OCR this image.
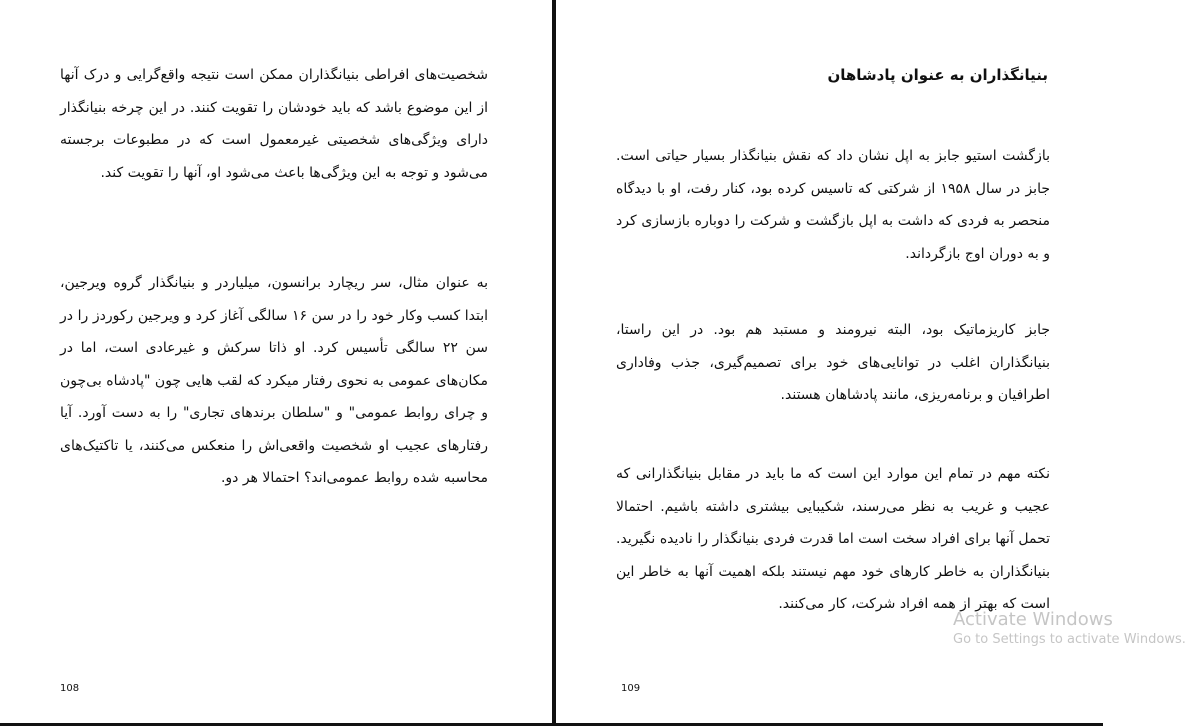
شخصیت‌های افراطی بنیانگذاران ممکن است نتیجه واقع‌گرایی و درک آنها از این موضوع باشد که باید خودشان را تقویت کنند. در این چرخه بنیانگذار دارای ویژگی‌های شخصیتی غیرمعمول است که در مطبوعات برجسته می‌شود و توجه به این ویژگی‌ها باعث می‌شود او، آنها را تقویت کند.

به عنوان مثال، سر ریچارد برانسون، میلیاردر و بنیانگذار گروه ویرجین، ابتدا کسب وکار خود را در سن ۱۶ سالگی آغاز کرد و ویرجین رکوردز را در سن ۲۲ سالگی تأسیس کرد. او ذاتا سرکش و غیرعادی است، اما در مکان‌های عمومی به نحوی رفتار میکرد که لقب هایی چون "پادشاه بی‌چون و چرای روابط عمومی" و "سلطان برندهای تجاری" را به دست آورد. آیا رفتارهای عجیب او شخصیت واقعی‌اش را منعکس می‌کنند، یا تاکتیک‌های محاسبه شده روابط عمومی‌اند؟ احتمالا هر دو.

108
بنیانگذاران به عنوان پادشاهان

بازگشت استیو جابز به اپل نشان داد که نقش بنیانگذار بسیار حیاتی است. جابز در سال ۱۹۵۸ از شرکتی که تاسیس کرده بود، کنار رفت، او با دیدگاه منحصر به فردی که داشت به اپل بازگشت و شرکت را دوباره بازسازی کرد و به دوران اوج بازگرداند.

جابز کاریزماتیک بود، البته نیرومند و مستبد هم بود. در این راستا، بنیانگذاران اغلب در توانایی‌های خود برای تصمیم‌گیری، جذب وفاداری اطرافیان و برنامه‌ریزی، مانند پادشاهان هستند.

نکته مهم در تمام این موارد این است که ما باید در مقابل بنیانگذارانی که عجیب و غریب به نظر می‌رسند، شکیبایی بیشتری داشته باشیم. احتمالا تحمل آنها برای افراد سخت است اما قدرت فردی بنیانگذار را نادیده نگیرید. بنیانگذاران به خاطر کارهای خود مهم نیستند بلکه اهمیت آنها به خاطر این است که بهتر از همه افراد شرکت، کار می‌کنند.

109
Activate Windows
Go to Settings to activate Windows.
